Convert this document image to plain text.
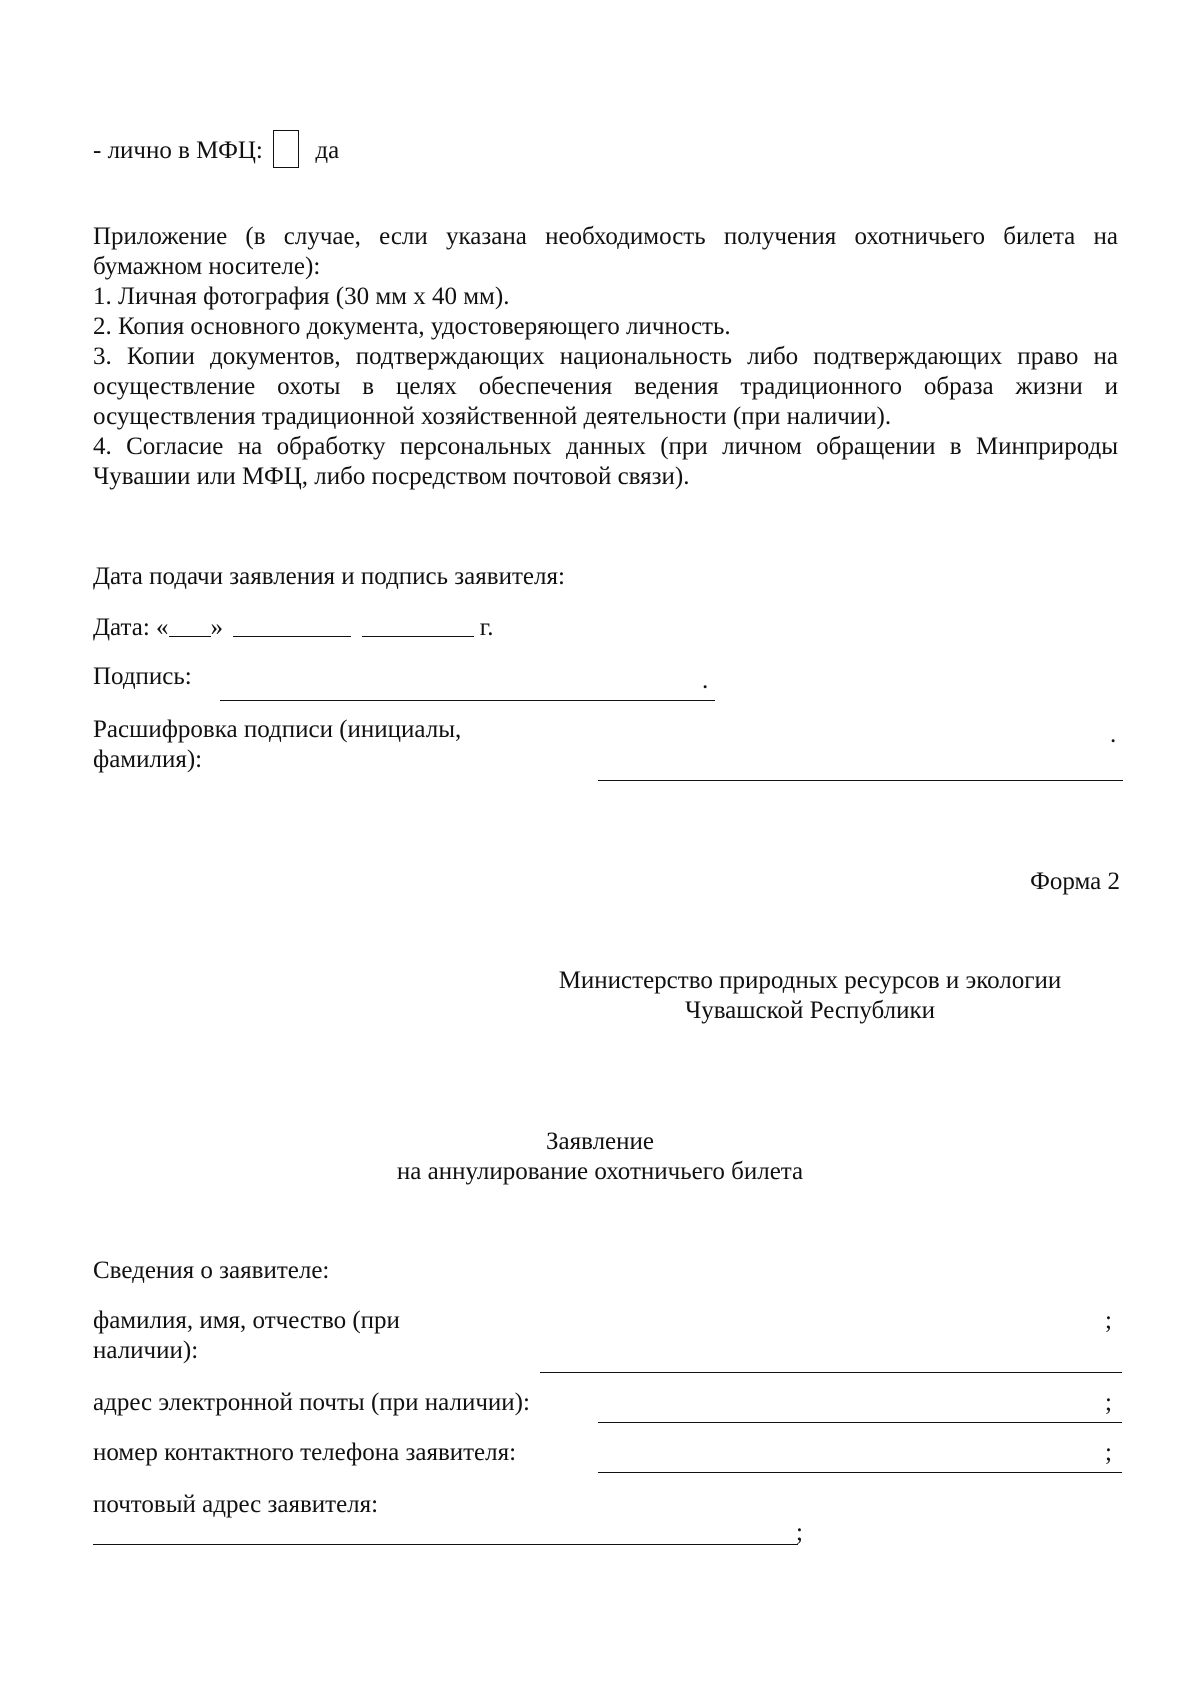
- лично в МФЦ: да
Приложение (в случае, если указана необходимость получения охотничьего билета на бумажном носителе):
1. Личная фотография (30 мм х 40 мм).
2. Копия основного документа, удостоверяющего личность.
3. Копии документов, подтверждающих национальность либо подтверждающих право на осуществление охоты в целях обеспечения ведения традиционного образа жизни и осуществления традиционной хозяйственной деятельности (при наличии).
4. Согласие на обработку персональных данных (при личном обращении в Минприроды Чувашии или МФЦ, либо посредством почтовой связи).
Дата подачи заявления и подпись заявителя:
Дата: « »	г.
Подпись:	.
Расшифровка подписи (инициалы,
фамилия):
.
Форма 2
Министерство природных ресурсов и экологии
Чувашской Республики
Заявление
на аннулирование охотничьего билета
Сведения о заявителе:
фамилия, имя, отчество (при
наличии):
;
адрес электронной почты (при наличии):	;
номер контактного телефона заявителя:	;
почтовый адрес заявителя:
;
